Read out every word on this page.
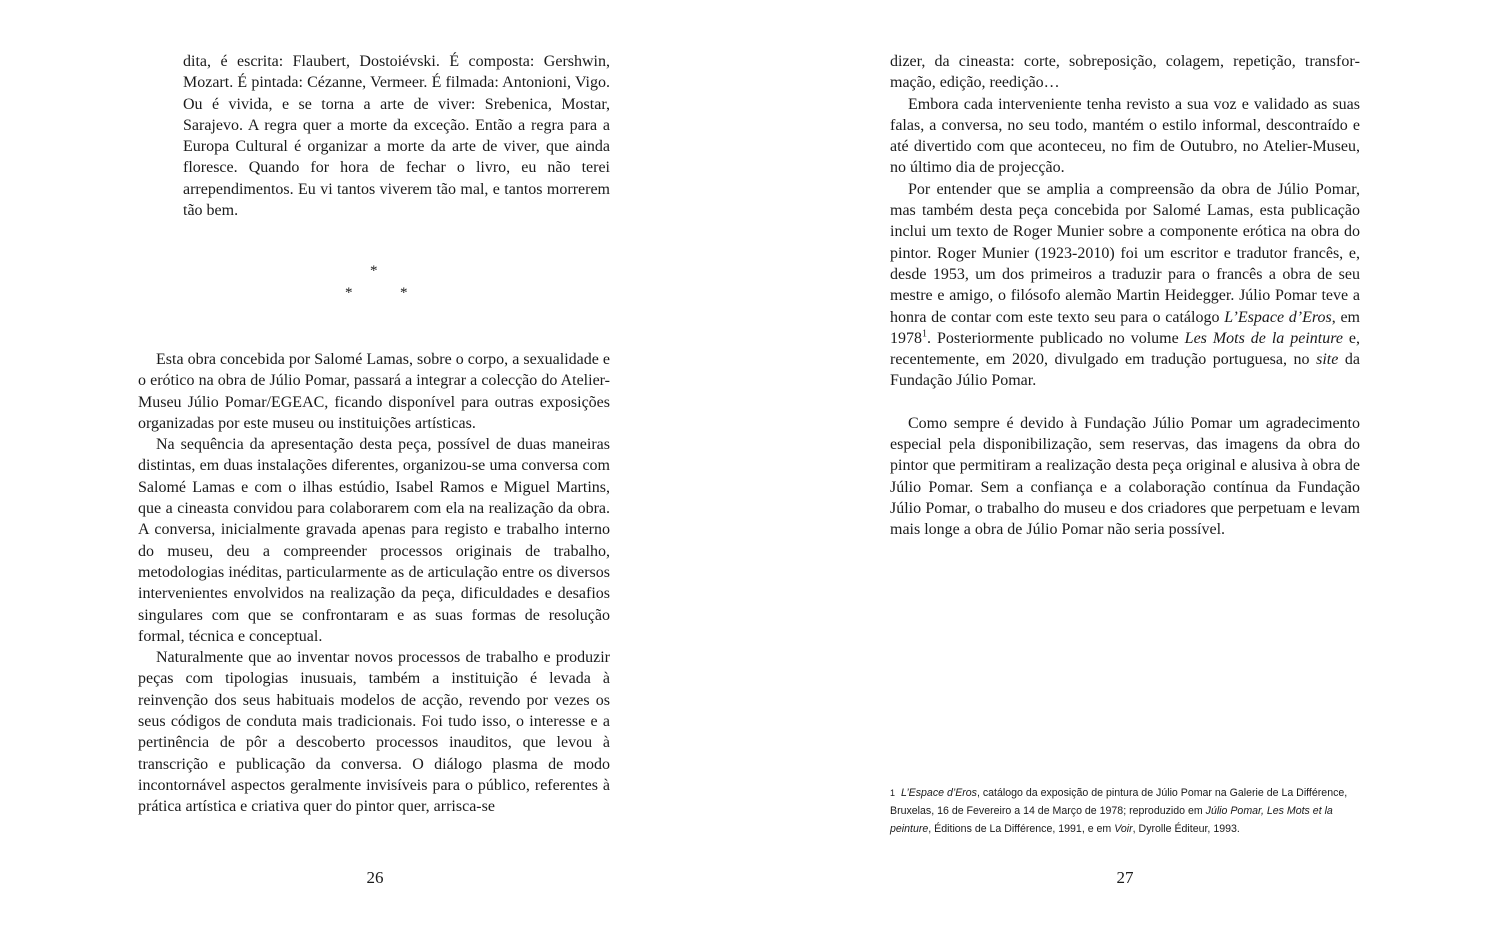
dita, é escrita: Flaubert, Dostoiévski. É composta: Gershwin, Mozart. É pintada: Cézanne, Vermeer. É filmada: Antonioni, Vigo. Ou é vivida, e se torna a arte de viver: Srebenica, Mostar, Sarajevo. A regra quer a morte da exceção. Então a regra para a Europa Cultural é organizar a morte da arte de viver, que ainda floresce. Quando for hora de fechar o livro, eu não terei arrependimentos. Eu vi tantos viverem tão mal, e tantos morrerem tão bem.

*
*	*

Esta obra concebida por Salomé Lamas, sobre o corpo, a sexualidade e o erótico na obra de Júlio Pomar, passará a integrar a colecção do Atelier-Museu Júlio Pomar/EGEAC, ficando disponível para outras exposições organizadas por este museu ou instituições artísticas.

Na sequência da apresentação desta peça, possível de duas maneiras distintas, em duas instalações diferentes, organizou-se uma conversa com Salomé Lamas e com o ilhas estúdio, Isabel Ramos e Miguel Martins, que a cineasta convidou para colaborarem com ela na realização da obra. A conversa, inicialmente gravada apenas para registo e trabalho interno do museu, deu a compreender processos originais de trabalho, metodologias inéditas, particularmente as de articulação entre os diversos intervenientes envolvidos na realização da peça, dificuldades e desafios singulares com que se confrontaram e as suas formas de resolução formal, técnica e conceptual.

Naturalmente que ao inventar novos processos de trabalho e produzir peças com tipologias inusuais, também a instituição é levada à reinvenção dos seus habituais modelos de acção, revendo por vezes os seus códigos de conduta mais tradicionais. Foi tudo isso, o interesse e a pertinência de pôr a descoberto processos inauditos, que levou à transcrição e publicação da conversa. O diálogo plasma de modo incontornável aspectos geralmente invisíveis para o público, referentes à prática artística e criativa quer do pintor quer, arrisca-se

26

dizer, da cineasta: corte, sobreposição, colagem, repetição, transformação, edição, reedição…

Embora cada interveniente tenha revisto a sua voz e validado as suas falas, a conversa, no seu todo, mantém o estilo informal, descontraído e até divertido com que aconteceu, no fim de Outubro, no Atelier-Museu, no último dia de projecção.

Por entender que se amplia a compreensão da obra de Júlio Pomar, mas também desta peça concebida por Salomé Lamas, esta publicação inclui um texto de Roger Munier sobre a componente erótica na obra do pintor. Roger Munier (1923-2010) foi um escritor e tradutor francês, e, desde 1953, um dos primeiros a traduzir para o francês a obra de seu mestre e amigo, o filósofo alemão Martin Heidegger. Júlio Pomar teve a honra de contar com este texto seu para o catálogo L’Espace d’Eros, em 1978$^1$. Posteriormente publicado no volume Les Mots de la peinture e, recentemente, em 2020, divulgado em tradução portuguesa, no site da Fundação Júlio Pomar.

Como sempre é devido à Fundação Júlio Pomar um agradecimento especial pela disponibilização, sem reservas, das imagens da obra do pintor que permitiram a realização desta peça original e alusiva à obra de Júlio Pomar. Sem a confiança e a colaboração contínua da Fundação Júlio Pomar, o trabalho do museu e dos criadores que perpetuam e levam mais longe a obra de Júlio Pomar não seria possível.

1 L’Espace d’Eros, catálogo da exposição de pintura de Júlio Pomar na Galerie de La Différence, Bruxelas, 16 de Fevereiro a 14 de Março de 1978; reproduzido em Júlio Pomar, Les Mots et la peinture, Éditions de La Différence, 1991, e em Voir, Dyrolle Éditeur, 1993.
27
